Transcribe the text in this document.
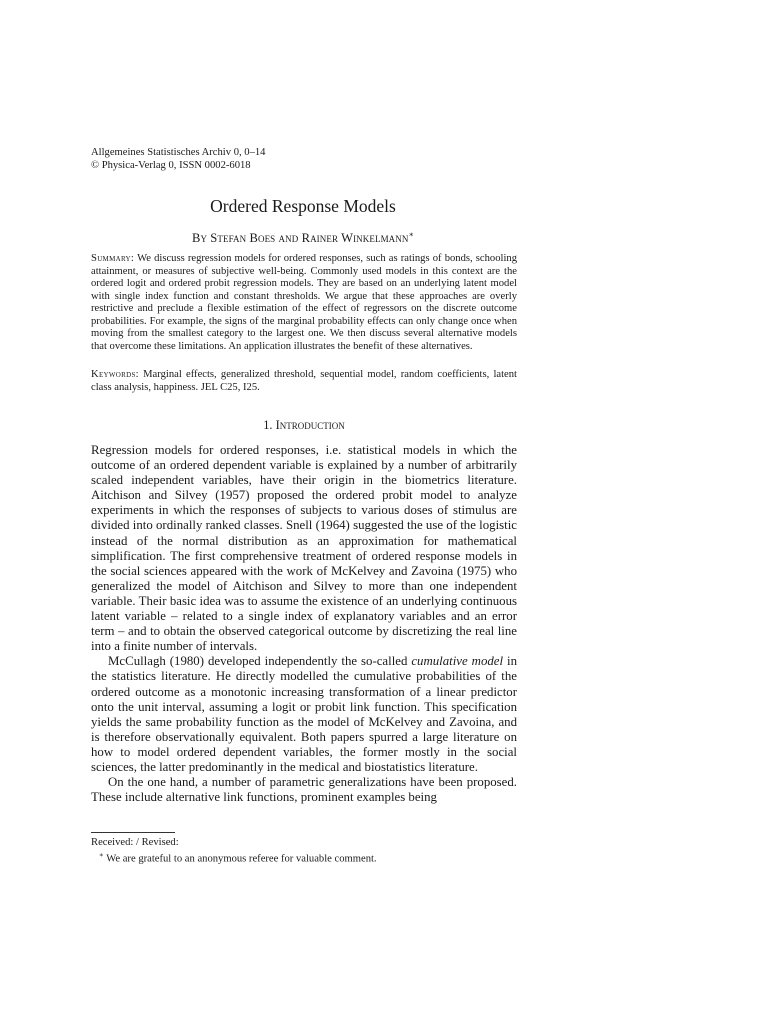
Allgemeines Statistisches Archiv 0, 0–14
© Physica-Verlag 0, ISSN 0002-6018
Ordered Response Models
By Stefan Boes and Rainer Winkelmann∗
Summary: We discuss regression models for ordered responses, such as ratings of bonds, schooling attainment, or measures of subjective well-being. Commonly used models in this context are the ordered logit and ordered probit regression models. They are based on an underlying latent model with single index function and constant thresholds. We argue that these approaches are overly restrictive and preclude a flexible estimation of the effect of regressors on the discrete outcome probabilities. For example, the signs of the marginal probability effects can only change once when moving from the smallest category to the largest one. We then discuss several alternative models that overcome these limitations. An application illustrates the benefit of these alternatives.
Keywords: Marginal effects, generalized threshold, sequential model, random coefficients, latent class analysis, happiness. JEL C25, I25.
1. Introduction

Regression models for ordered responses, i.e. statistical models in which the outcome of an ordered dependent variable is explained by a number of arbitrarily scaled independent variables, have their origin in the biometrics literature. Aitchison and Silvey (1957) proposed the ordered probit model to analyze experiments in which the responses of subjects to various doses of stimulus are divided into ordinally ranked classes. Snell (1964) suggested the use of the logistic instead of the normal distribution as an approximation for mathematical simplification. The first comprehensive treatment of ordered response models in the social sciences appeared with the work of McKelvey and Zavoina (1975) who generalized the model of Aitchison and Silvey to more than one independent variable. Their basic idea was to assume the existence of an underlying continuous latent variable – related to a single index of explanatory variables and an error term – and to obtain the observed categorical outcome by discretizing the real line into a finite number of intervals.

McCullagh (1980) developed independently the so-called cumulative model in the statistics literature. He directly modelled the cumulative probabilities of the ordered outcome as a monotonic increasing transformation of a linear predictor onto the unit interval, assuming a logit or probit link function. This specification yields the same probability function as the model of McKelvey and Zavoina, and is therefore observationally equivalent. Both papers spurred a large literature on how to model ordered dependent variables, the former mostly in the social sciences, the latter predominantly in the medical and biostatistics literature.

On the one hand, a number of parametric generalizations have been proposed. These include alternative link functions, prominent examples being

Received: / Revised:
∗ We are grateful to an anonymous referee for valuable comment.
